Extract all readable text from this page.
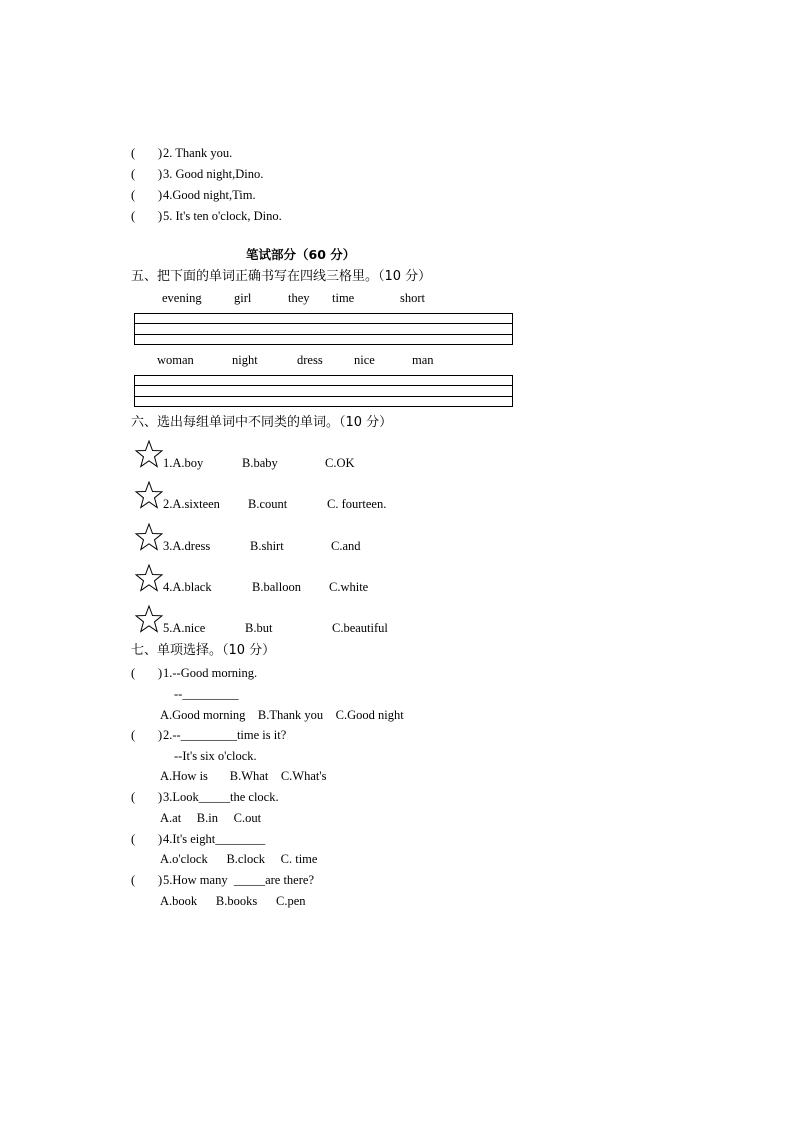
( ) 2. Thank you.
( ) 3. Good night,Dino.
( ) 4.Good night,Tim.
( ) 5. It's ten o'clock, Dino.
笔试部分（60 分）
五、把下面的单词正确书写在四线三格里。（10 分）
evening	girl	they time	short
woman	night	dress	nice	man
六、选出每组单词中不同类的单词。（10 分）
1.A.boy	B.baby	C.OK
2.A.sixteen B.count	C. fourteen.
3.A.dress	B.shirt	C.and
4.A.black	B.balloon C.white
5.A.nice	B.but	C.beautiful
七、单项选择。（10 分）
( ) 1.--Good morning.
--_________
A.Good morning    B.Thank you    C.Good night
( ) 2.--_________time is it?
--It's six o'clock.
A.How is       B.What    C.What's
( ) 3.Look_____the clock.
A.at     B.in     C.out
( ) 4.It's eight________
A.o'clock      B.clock     C. time
( ) 5.How many  _____are there?
A.book      B.books      C.pen
